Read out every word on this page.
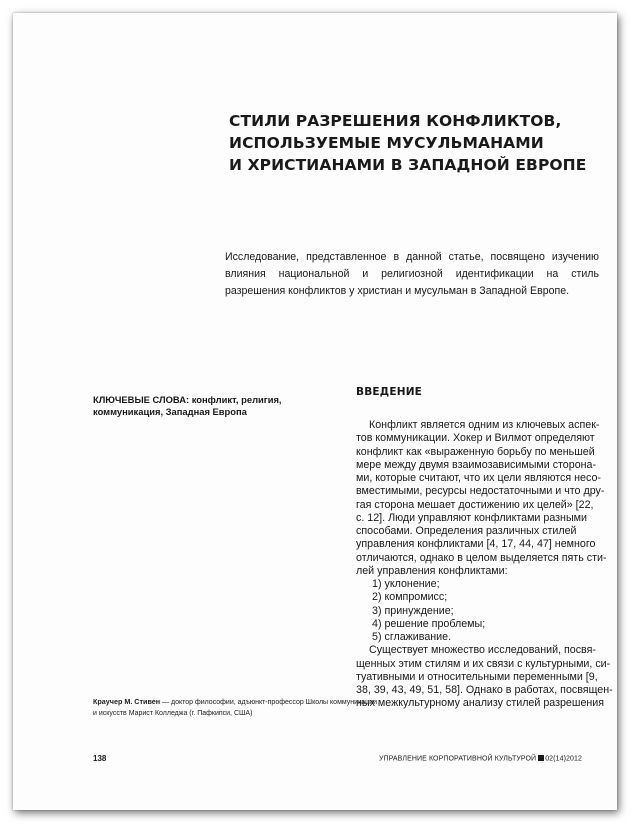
СТИЛИ РАЗРЕШЕНИЯ КОНФЛИКТОВ,
ИСПОЛЬЗУЕМЫЕ МУСУЛЬМАНАМИ
И ХРИСТИАНАМИ В ЗАПАДНОЙ ЕВРОПЕ

Исследование, представленное в данной статье, посвящено изучению влияния национальной и религиозной идентификации на стиль разрешения конфликтов у христиан и мусульман в Западной Европе.

КЛЮЧЕВЫЕ СЛОВА: конфликт, религия, коммуникация, Западная Европа

ВВЕДЕНИЕ
Конфликт является одним из ключевых аспек-
тов коммуникации. Хокер и Вилмот определяют
конфликт как «выраженную борьбу по меньшей
мере между двумя взаимозависимыми сторона-
ми, которые считают, что их цели являются несо-
вместимыми, ресурсы недостаточными и что дру-
гая сторона мешает достижению их целей» [22,
с. 12]. Люди управляют конфликтами разными
способами. Определения различных стилей
управления конфликтами [4, 17, 44, 47] немного
отличаются, однако в целом выделяется пять сти-
лей управления конфликтами:
1) уклонение;
2) компромисс;
3) принуждение;
4) решение проблемы;
5) сглаживание.
Существует множество исследований, посвя-
щенных этим стилям и их связи с культурными, си-
туативными и относительными переменными [9,
38, 39, 43, 49, 51, 58]. Однако в работах, посвящен-
ных межкультурному анализу стилей разрешения

Краучер М. Стивен — доктор философии, адъюнкт-профессор Школы коммуникации
и искусств Марист Колледжа (г. Пафкипси, США)

138	УПРАВЛЕНИЕ КОРПОРАТИВНОЙ КУЛЬТУРОЙ 02(14)2012
